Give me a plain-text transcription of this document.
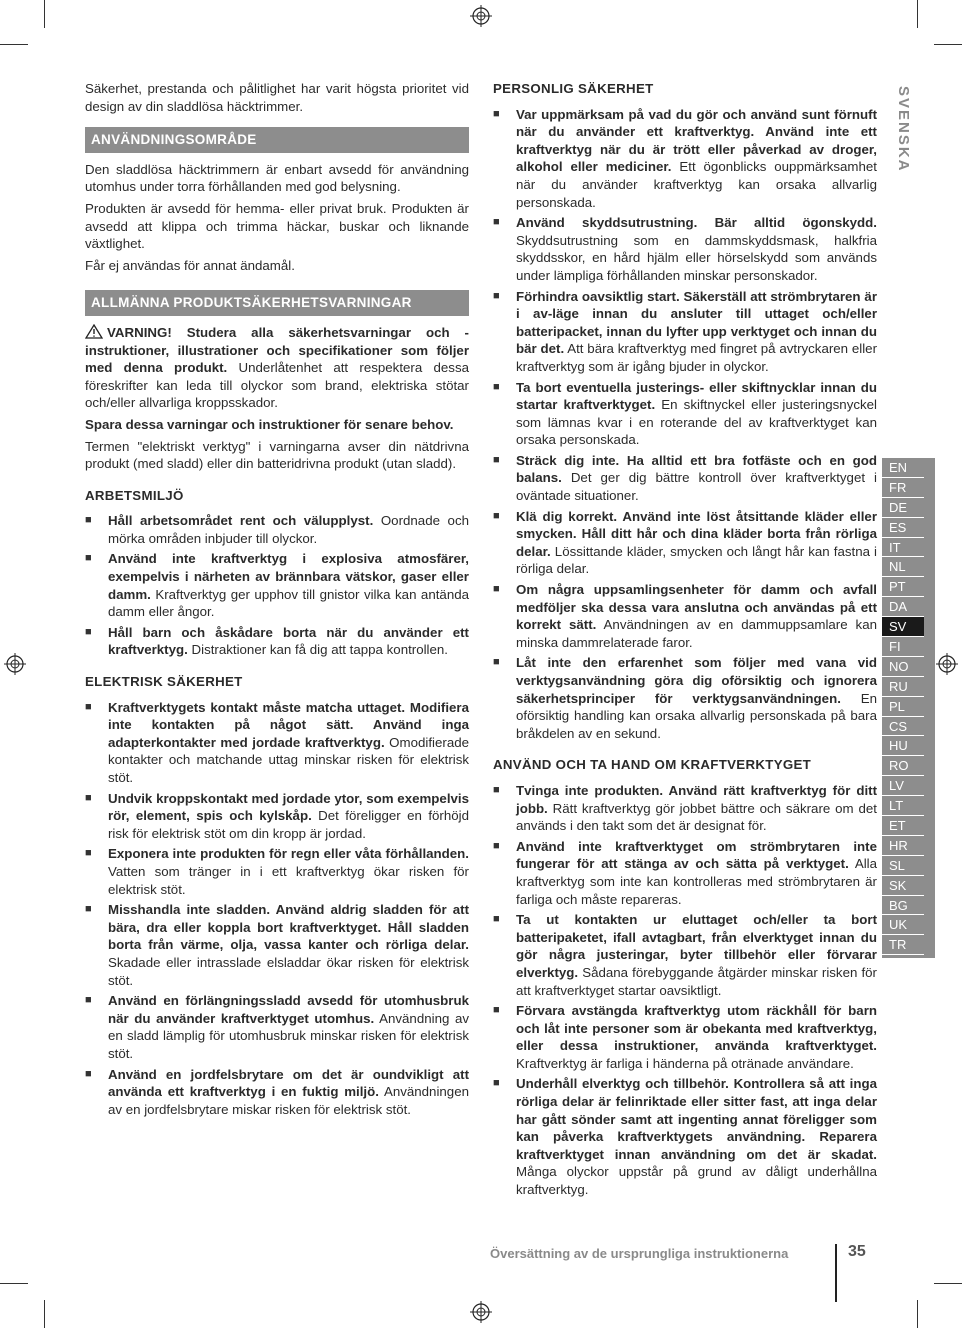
Säkerhet, prestanda och pålitlighet har varit högsta prioritet vid design av din sladdlösa häcktrimmer.

ANVÄNDNINGSOMRÅDE

Den sladdlösa häcktrimmern är enbart avsedd för användning utomhus under torra förhållanden med god belysning.

Produkten är avsedd för hemma- eller privat bruk. Produkten är avsedd att klippa och trimma häckar, buskar och liknande växtlighet.

Får ej användas för annat ändamål.

ALLMÄNNA PRODUKTSÄKERHETSVARNINGAR

VARNING! Studera alla säkerhetsvarningar och -instruktioner, illustrationer och specifikationer som följer med denna produkt. Underlåtenhet att respektera dessa föreskrifter kan leda till olyckor som brand, elektriska stötar och/eller allvarliga kroppsskador.

Spara dessa varningar och instruktioner för senare behov.

Termen "elektriskt verktyg" i varningarna avser din nätdrivna produkt (med sladd) eller din batteridrivna produkt (utan sladd).

ARBETSMILJÖ
■ Håll arbetsområdet rent och välupplyst. Oordnade och mörka områden inbjuder till olyckor.
■ Använd inte kraftverktyg i explosiva atmosfärer, exempelvis i närheten av brännbara vätskor, gaser eller damm. Kraftverktyg ger upphov till gnistor vilka kan antända damm eller ångor.
■ Håll barn och åskådare borta när du använder ett kraftverktyg. Distraktioner kan få dig att tappa kontrollen.
ELEKTRISK SÄKERHET
■ Kraftverktygets kontakt måste matcha uttaget. Modifiera inte kontakten på något sätt. Använd inga adapterkontakter med jordade kraftverktyg. Omodifierade kontakter och matchande uttag minskar risken för elektrisk stöt.
■ Undvik kroppskontakt med jordade ytor, som exempelvis rör, element, spis och kylskåp. Det föreligger en förhöjd risk för elektrisk stöt om din kropp är jordad.
■ Exponera inte produkten för regn eller våta förhållanden. Vatten som tränger in i ett kraftverktyg ökar risken för elektrisk stöt.
■ Misshandla inte sladden. Använd aldrig sladden för att bära, dra eller koppla bort kraftverktyget. Håll sladden borta från värme, olja, vassa kanter och rörliga delar. Skadade eller intrasslade elsladdar ökar risken för elektrisk stöt.
■ Använd en förlängningssladd avsedd för utomhusbruk när du använder kraftverktyget utomhus. Användning av en sladd lämplig för utomhusbruk minskar risken för elektrisk stöt.
■ Använd en jordfelsbrytare om det är oundvikligt att använda ett kraftverktyg i en fuktig miljö. Användningen av en jordfelsbrytare miskar risken för elektrisk stöt.
PERSONLIG SÄKERHET
■ Var uppmärksam på vad du gör och använd sunt förnuft när du använder ett kraftverktyg. Använd inte ett kraftverktyg när du är trött eller påverkad av droger, alkohol eller mediciner. Ett ögonblicks ouppmärksamhet när du använder kraftverktyg kan orsaka allvarlig personskada.
■ Använd skyddsutrustning. Bär alltid ögonskydd. Skyddsutrustning som en dammskyddsmask, halkfria skyddsskor, en hård hjälm eller hörselskydd som används under lämpliga förhållanden minskar personskador.
■ Förhindra oavsiktlig start. Säkerställ att strömbrytaren är i av-läge innan du ansluter till uttaget och/eller batteripacket, innan du lyfter upp verktyget och innan du bär det. Att bära kraftverktyg med fingret på avtryckaren eller kraftverktyg som är igång bjuder in olyckor.
■ Ta bort eventuella justerings- eller skiftnycklar innan du startar kraftverktyget. En skiftnyckel eller justeringsnyckel som lämnas kvar i en roterande del av kraftverktyget kan orsaka personskada.
■ Sträck dig inte. Ha alltid ett bra fotfäste och en god balans. Det ger dig bättre kontroll över kraftverktyget i oväntade situationer.
■ Klä dig korrekt. Använd inte löst åtsittande kläder eller smycken. Håll ditt hår och dina kläder borta från rörliga delar. Lössittande kläder, smycken och långt hår kan fastna i rörliga delar.
■ Om några uppsamlingsenheter för damm och avfall medföljer ska dessa vara anslutna och användas på ett korrekt sätt. Användningen av en dammuppsamlare kan minska dammrelaterade faror.
■ Låt inte den erfarenhet som följer med vana vid verktygsanvändning göra dig oförsiktig och ignorera säkerhetsprinciper för verktygsanvändningen. En oförsiktig handling kan orsaka allvarlig personskada på bara bråkdelen av en sekund.
ANVÄND OCH TA HAND OM KRAFTVERKTYGET
■ Tvinga inte produkten. Använd rätt kraftverktyg för ditt jobb. Rätt kraftverktyg gör jobbet bättre och säkrare om det används i den takt som det är designat för.
■ Använd inte kraftverktyget om strömbrytaren inte fungerar för att stänga av och sätta på verktyget. Alla kraftverktyg som inte kan kontrolleras med strömbrytaren är farliga och måste repareras.
■ Ta ut kontakten ur eluttaget och/eller ta bort batteripaketet, ifall avtagbart, från elverktyget innan du gör några justeringar, byter tillbehör eller förvarar elverktyg. Sådana förebyggande åtgärder minskar risken för att kraftverktyget startar oavsiktligt.
■ Förvara avstängda kraftverktyg utom räckhåll för barn och låt inte personer som är obekanta med kraftverktyg, eller dessa instruktioner, använda kraftverktyget. Kraftverktyg är farliga i händerna på otränade användare.
■ Underhåll elverktyg och tillbehör. Kontrollera så att inga rörliga delar är felinriktade eller sitter fast, att inga delar har gått sönder samt att ingenting annat föreligger som kan påverka kraftverktygets användning. Reparera kraftverktyget innan användning om det är skadat. Många olyckor uppstår på grund av dåligt underhållna kraftverktyg.
SVENSKA
EN
FR
DE
ES
IT
NL
PT
DA
SV
FI
NO
RU
PL
CS
HU
RO
LV
LT
ET
HR
SL
SK
BG
UK
TR
Översättning av de ursprungliga instruktionerna	35
